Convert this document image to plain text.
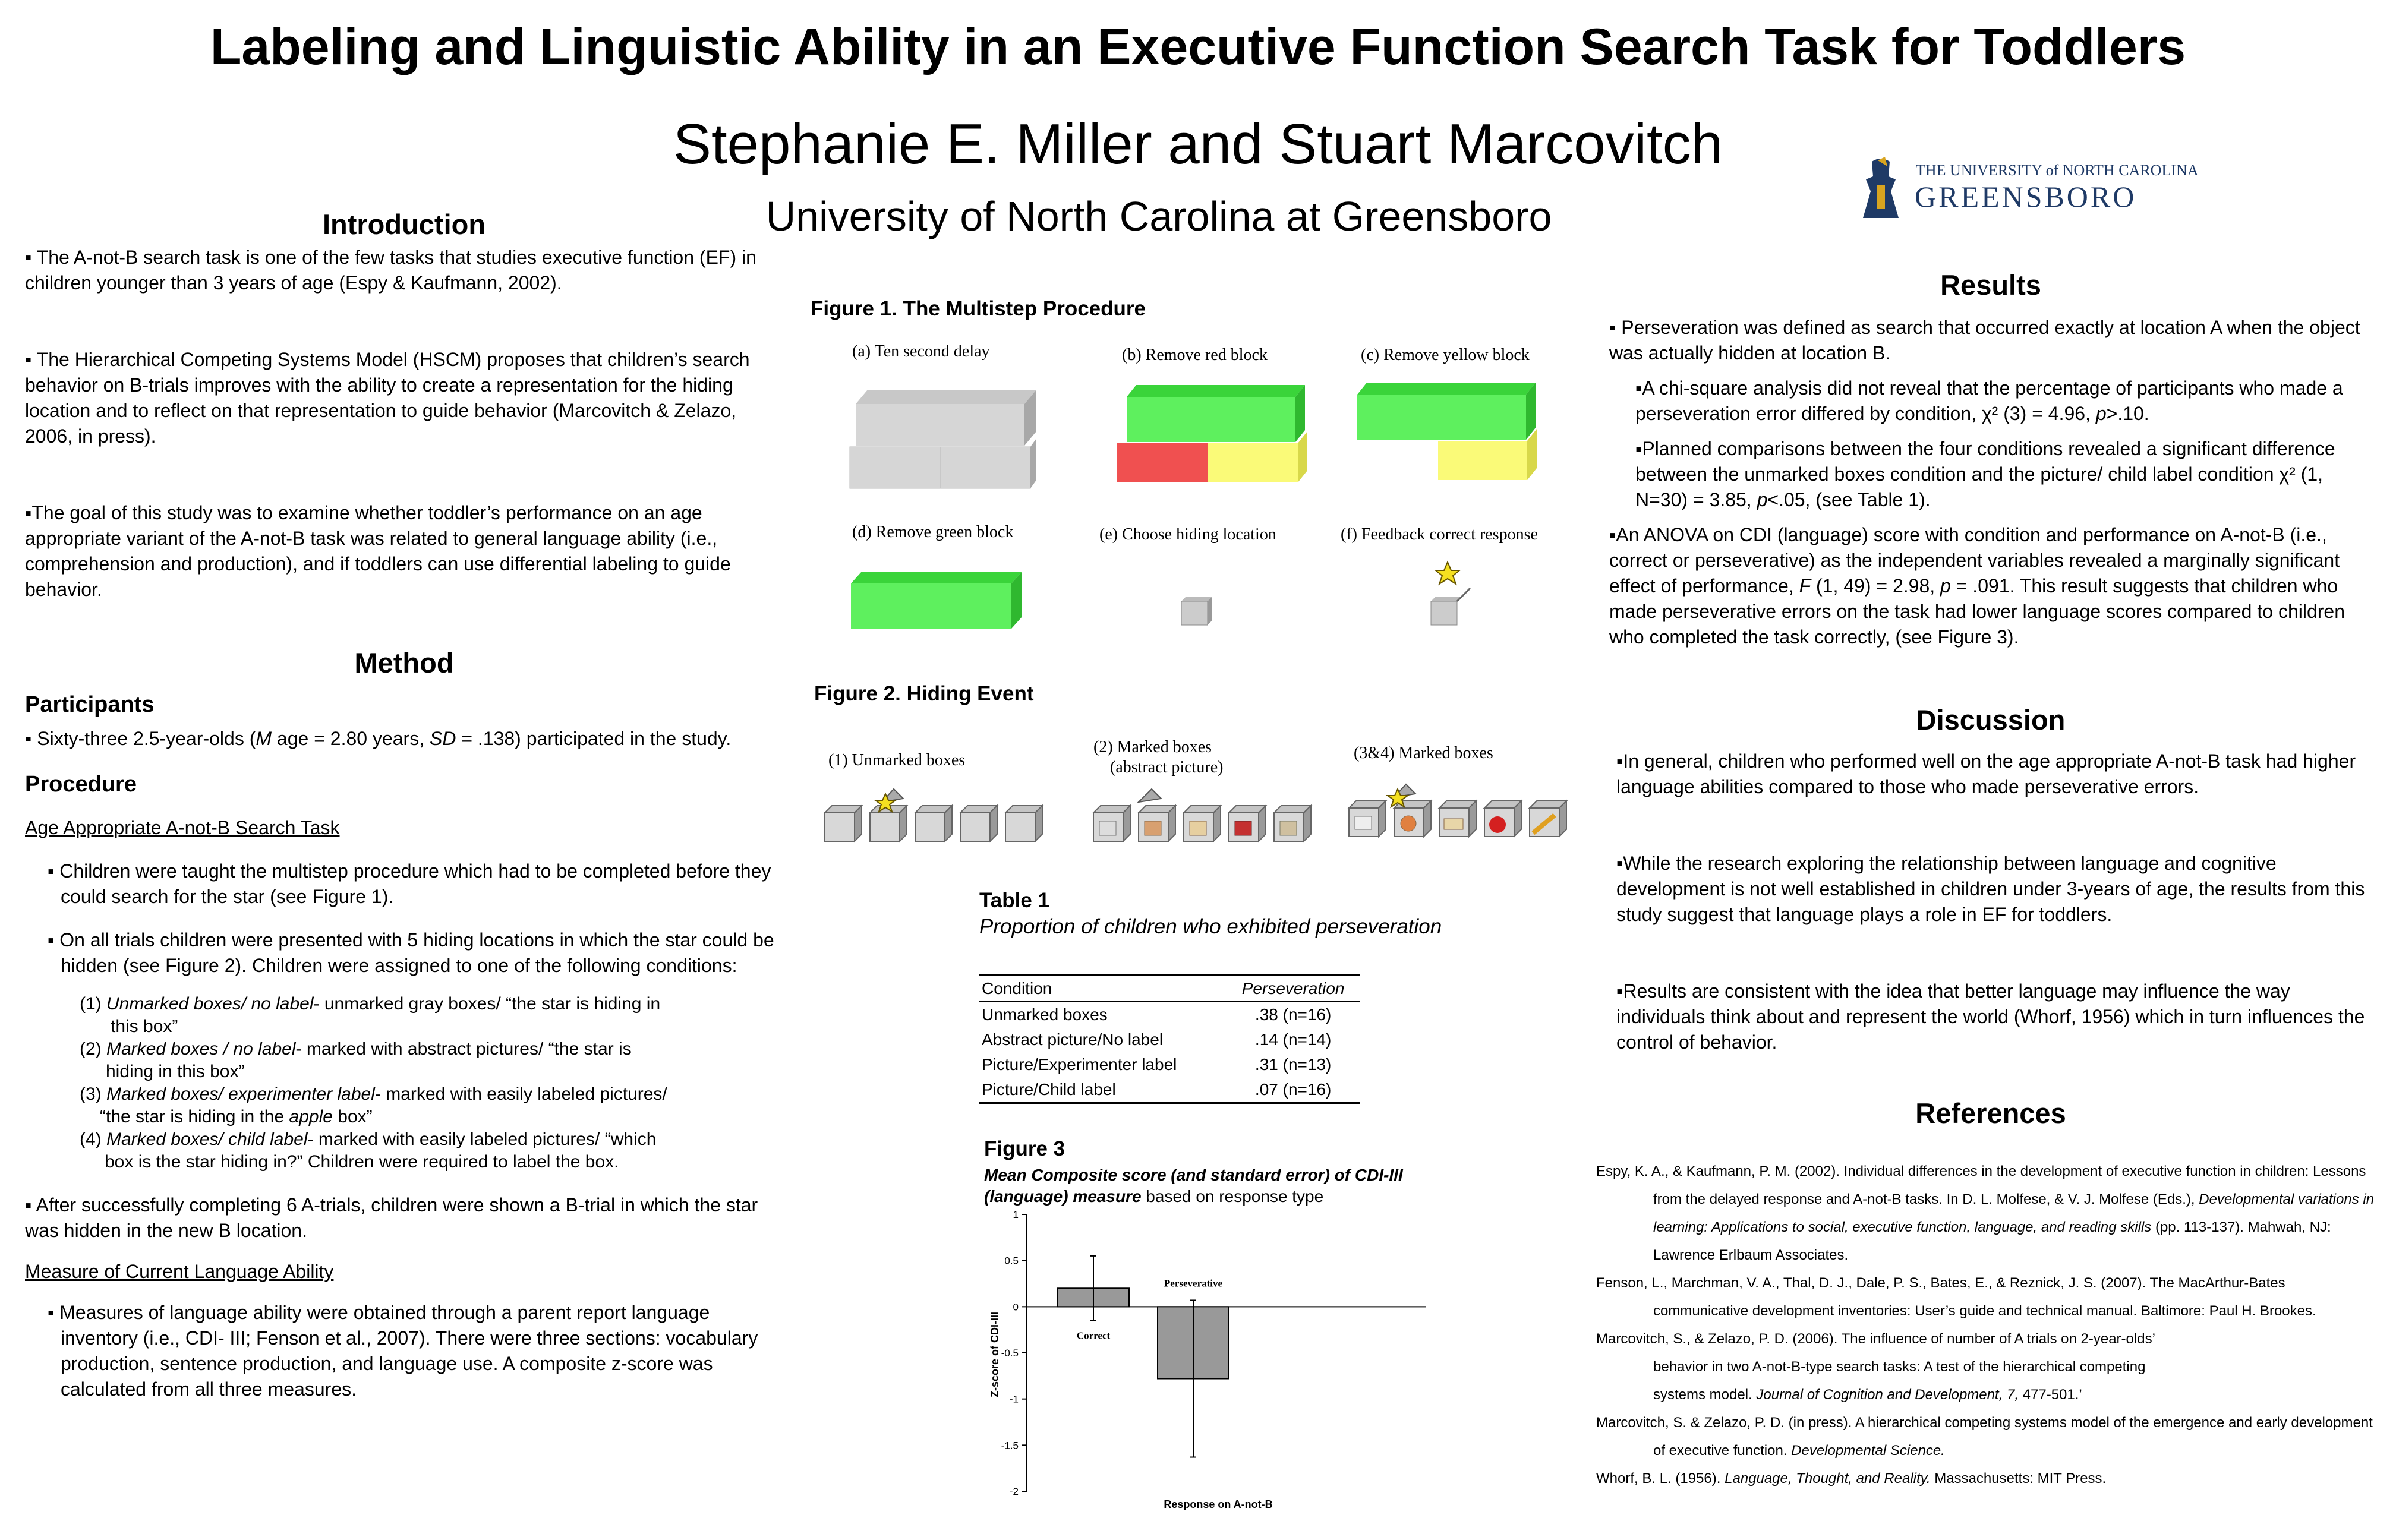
Labeling and Linguistic Ability in an Executive Function Search Task for Toddlers
Stephanie E. Miller and Stuart Marcovitch
University of North Carolina at Greensboro
THE UNIVERSITY of NORTH CAROLINA
GREENSBORO
Introduction

▪ The A-not-B search task is one of the few tasks that studies executive function (EF) in children younger than 3 years of age (Espy & Kaufmann, 2002).

▪ The Hierarchical Competing Systems Model (HSCM) proposes that children’s search behavior on B-trials improves with the ability to create a representation for the hiding location and to reflect on that representation to guide behavior (Marcovitch & Zelazo, 2006, in press).

▪The goal of this study was to examine whether toddler’s performance on an age appropriate variant of the A-not-B task was related to general language ability (i.e., comprehension and production), and if toddlers can use differential labeling to guide behavior.

Method

Participants

▪ Sixty-three 2.5-year-olds (M age = 2.80 years, SD = .138) participated in the study.

Procedure

Age Appropriate A-not-B Search Task

▪ Children were taught the multistep procedure which had to be completed before they could search for the star (see Figure 1).

▪ On all trials children were presented with 5 hiding locations in which the star could be hidden (see Figure 2). Children were assigned to one of the following conditions:

(1) Unmarked boxes/ no label- unmarked gray boxes/ “the star is hiding in

this box”

(2) Marked boxes / no label- marked with abstract pictures/ “the star is

hiding in this box”

(3) Marked boxes/ experimenter label- marked with easily labeled pictures/

“the star is hiding in the apple box”

(4) Marked boxes/ child label- marked with easily labeled pictures/ “which

box is the star hiding in?” Children were required to label the box.

▪ After successfully completing 6 A-trials, children were shown a B-trial in which the star was hidden in the new B location.

Measure of Current Language Ability

▪ Measures of language ability were obtained through a parent report language inventory (i.e., CDI- III; Fenson et al., 2007). There were three sections: vocabulary production, sentence production, and language use. A composite z-score was calculated from all three measures.

Figure 1. The Multistep Procedure
(a) Ten second delay	(b) Remove red block	(c) Remove yellow block
(d) Remove green block	(e) Choose hiding location	(f) Feedback correct response
Figure 2. Hiding Event
(1) Unmarked boxes
(2) Marked boxes
(abstract picture)
(3&4) Marked boxes
Table 1
Proportion of children who exhibited perseveration
Condition	Perseveration
Unmarked boxes	.38 (n=16)
Abstract picture/No label	.14 (n=14)
Picture/Experimenter label	.31 (n=13)
Picture/Child label	.07 (n=16)
Figure 3
Mean Composite score (and standard error) of CDI-III (language) measure based on response type
1
0.5
0
-0.5
-1
-1.5
-2
Correct
Perseverative
Z-score of CDI-III
Response on A-not-B
Results

▪ Perseveration was defined as search that occurred exactly at location A when the object was actually hidden at location B.

▪A chi-square analysis did not reveal that the percentage of participants who made a perseveration error differed by condition, χ² (3) = 4.96, p>.10.

▪Planned comparisons between the four conditions revealed a significant difference between the unmarked boxes condition and the picture/ child label condition χ² (1, N=30) = 3.85, p<.05, (see Table 1).

▪An ANOVA on CDI (language) score with condition and performance on A-not-B (i.e., correct or perseverative) as the independent variables revealed a marginally significant effect of performance, F (1, 49) = 2.98, p = .091. This result suggests that children who made perseverative errors on the task had lower language scores compared to children who completed the task correctly, (see Figure 3).

Discussion

▪In general, children who performed well on the age appropriate A-not-B task had higher language abilities compared to those who made perseverative errors.

▪While the research exploring the relationship between language and cognitive development is not well established in children under 3-years of age, the results from this study suggest that language plays a role in EF for toddlers.

▪Results are consistent with the idea that better language may influence the way individuals think about and represent the world (Whorf, 1956) which in turn influences the control of behavior.

References

Espy, K. A., & Kaufmann, P. M. (2002). Individual differences in the development of executive function in children: Lessons from the delayed response and A-not-B tasks. In D. L. Molfese, & V. J. Molfese (Eds.), Developmental variations in learning: Applications to social, executive function, language, and reading skills (pp. 113-137). Mahwah, NJ: Lawrence Erlbaum Associates.

Fenson, L., Marchman, V. A., Thal, D. J., Dale, P. S., Bates, E., & Reznick, J. S. (2007). The MacArthur-Bates communicative development inventories: User’s guide and technical manual. Baltimore: Paul H. Brookes.

Marcovitch, S., & Zelazo, P. D. (2006). The influence of number of A trials on 2-year-olds’ behavior in two A-not-B-type search tasks: A test of the hierarchical competing systems model. Journal of Cognition and Development, 7, 477-501.’

Marcovitch, S. & Zelazo, P. D. (in press). A hierarchical competing systems model of the emergence and early development of executive function. Developmental Science.

Whorf, B. L. (1956). Language, Thought, and Reality. Massachusetts: MIT Press.
